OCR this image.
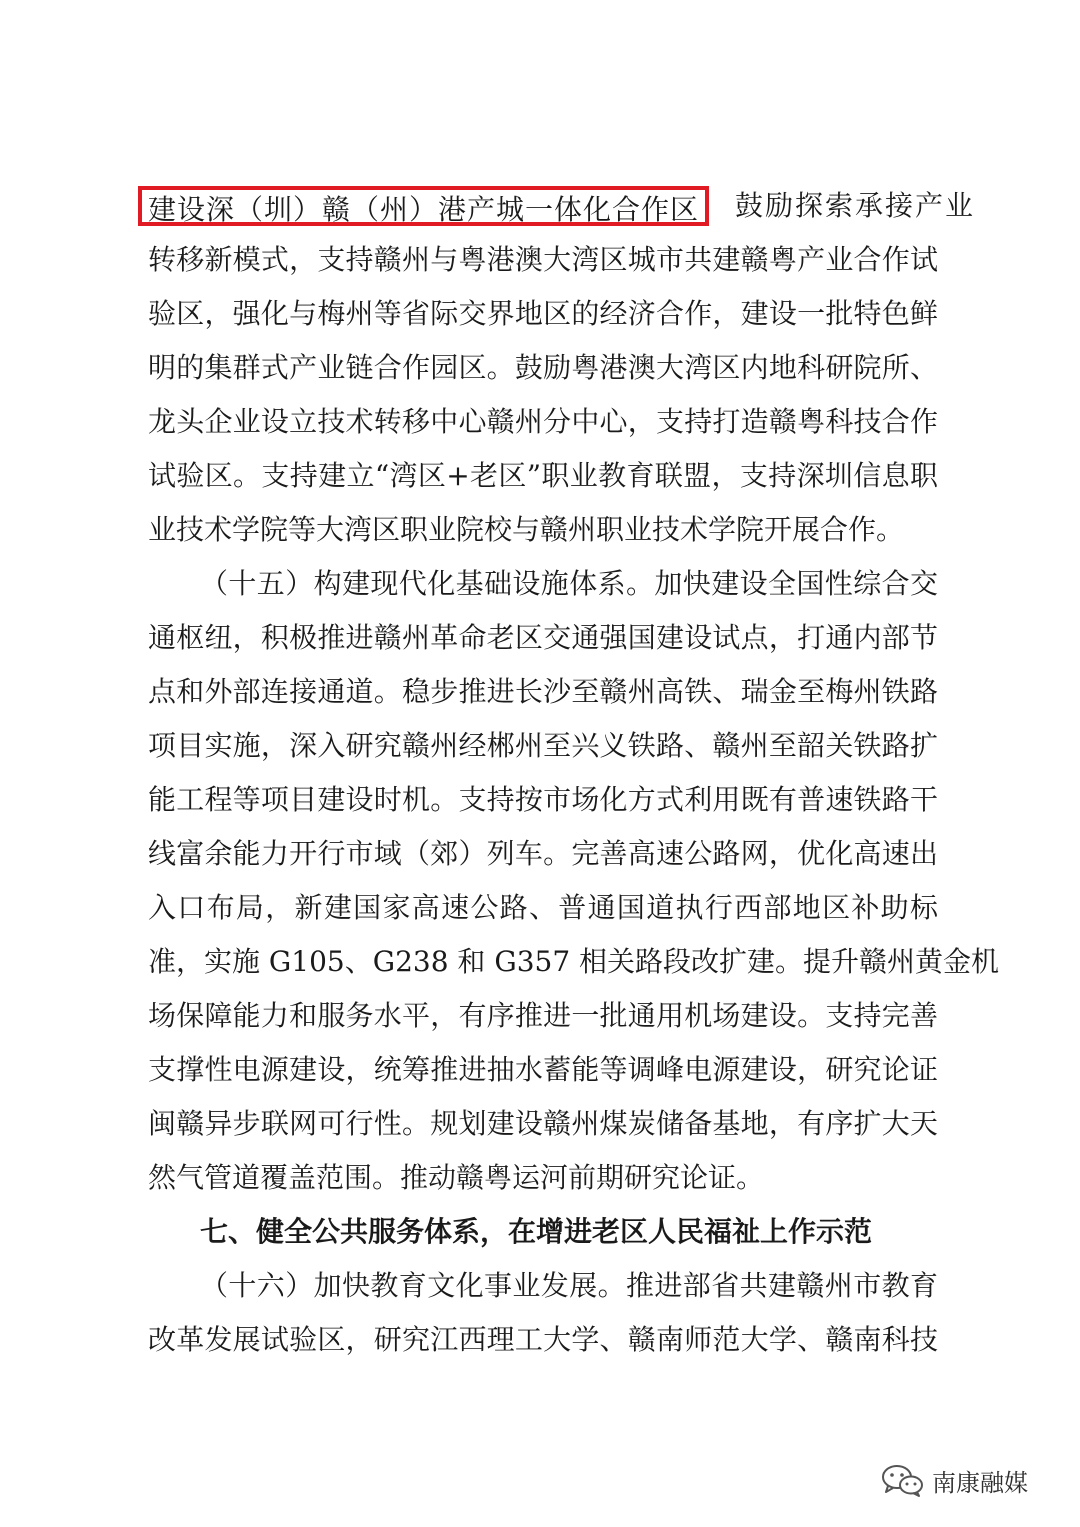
建设深（圳）赣（州）港产城一体化合作区	鼓励探索承接产业
转移新模式，支持赣州与粤港澳大湾区城市共建赣粤产业合作试
验区，强化与梅州等省际交界地区的经济合作，建设一批特色鲜
明的集群式产业链合作园区。鼓励粤港澳大湾区内地科研院所、
龙头企业设立技术转移中心赣州分中心，支持打造赣粤科技合作
试验区。支持建立“湾区+老区”职业教育联盟，支持深圳信息职
业技术学院等大湾区职业院校与赣州职业技术学院开展合作。
（十五）构建现代化基础设施体系。加快建设全国性综合交
通枢纽，积极推进赣州革命老区交通强国建设试点，打通内部节
点和外部连接通道。稳步推进长沙至赣州高铁、瑞金至梅州铁路
项目实施，深入研究赣州经郴州至兴义铁路、赣州至韶关铁路扩
能工程等项目建设时机。支持按市场化方式利用既有普速铁路干
线富余能力开行市域（郊）列车。完善高速公路网，优化高速出
入口布局，新建国家高速公路、普通国道执行西部地区补助标
准，实施 G105、G238 和 G357 相关路段改扩建。提升赣州黄金机
场保障能力和服务水平，有序推进一批通用机场建设。支持完善
支撑性电源建设，统筹推进抽水蓄能等调峰电源建设，研究论证
闽赣异步联网可行性。规划建设赣州煤炭储备基地，有序扩大天
然气管道覆盖范围。推动赣粤运河前期研究论证。
七、健全公共服务体系，在增进老区人民福祉上作示范
（十六）加快教育文化事业发展。推进部省共建赣州市教育
改革发展试验区，研究江西理工大学、赣南师范大学、赣南科技
南康融媒
